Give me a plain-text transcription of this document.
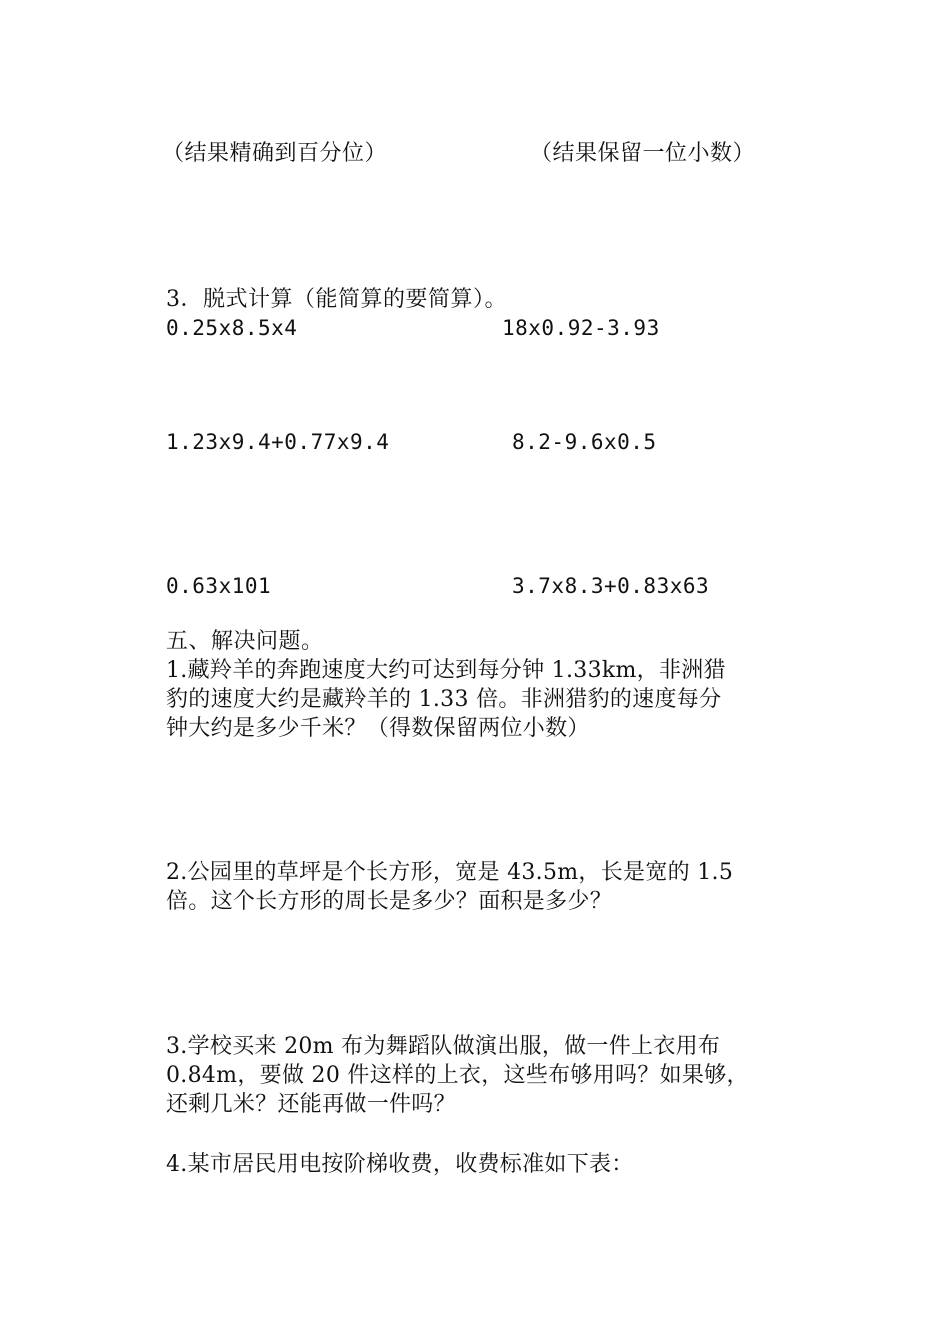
（结果精确到百分位）	（结果保留一位小数）
3．脱式计算（能简算的要简算）。
0.25x8.5x4	18x0.92-3.93
1.23x9.4+0.77x9.4	8.2-9.6x0.5
0.63x101	3.7x8.3+0.83x63
五、解决问题。
1.藏羚羊的奔跑速度大约可达到每分钟 1.33km，非洲猎
豹的速度大约是藏羚羊的 1.33 倍。非洲猎豹的速度每分
钟大约是多少千米？（得数保留两位小数）
2.公园里的草坪是个长方形，宽是 43.5m，长是宽的 1.5
倍。这个长方形的周长是多少？面积是多少？
3.学校买来 20m 布为舞蹈队做演出服，做一件上衣用布
0.84m，要做 20 件这样的上衣，这些布够用吗？如果够，
还剩几米？还能再做一件吗？
4.某市居民用电按阶梯收费，收费标准如下表：
